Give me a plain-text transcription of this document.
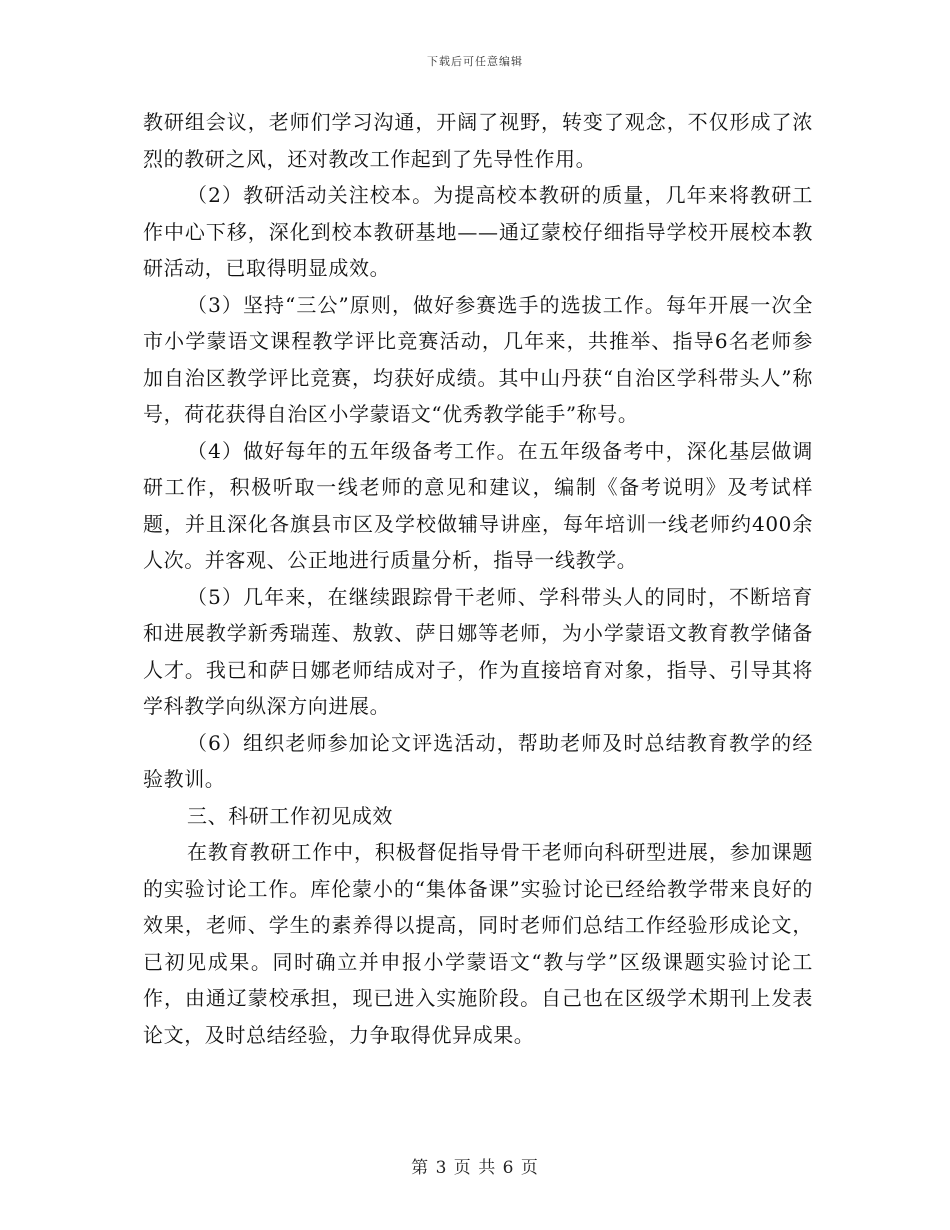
下载后可任意编辑

教研组会议，老师们学习沟通，开阔了视野，转变了观念，不仅形成了浓烈的教研之风，还对教改工作起到了先导性作用。

（2）教研活动关注校本。为提高校本教研的质量，几年来将教研工作中心下移，深化到校本教研基地——通辽蒙校仔细指导学校开展校本教研活动，已取得明显成效。

（3）坚持“三公”原则，做好参赛选手的选拔工作。每年开展一次全市小学蒙语文课程教学评比竞赛活动，几年来，共推举、指导6名老师参加自治区教学评比竞赛，均获好成绩。其中山丹获“自治区学科带头人”称号，荷花获得自治区小学蒙语文“优秀教学能手”称号。

（4）做好每年的五年级备考工作。在五年级备考中，深化基层做调研工作，积极听取一线老师的意见和建议，编制《备考说明》及考试样题，并且深化各旗县市区及学校做辅导讲座，每年培训一线老师约400余人次。并客观、公正地进行质量分析，指导一线教学。

（5）几年来，在继续跟踪骨干老师、学科带头人的同时，不断培育和进展教学新秀瑞莲、敖敦、萨日娜等老师，为小学蒙语文教育教学储备人才。我已和萨日娜老师结成对子，作为直接培育对象，指导、引导其将学科教学向纵深方向进展。

（6）组织老师参加论文评选活动，帮助老师及时总结教育教学的经验教训。

三、科研工作初见成效

在教育教研工作中，积极督促指导骨干老师向科研型进展，参加课题的实验讨论工作。库伦蒙小的“集体备课”实验讨论已经给教学带来良好的效果，老师、学生的素养得以提高，同时老师们总结工作经验形成论文，已初见成果。同时确立并申报小学蒙语文“教与学”区级课题实验讨论工作，由通辽蒙校承担，现已进入实施阶段。自己也在区级学术期刊上发表论文，及时总结经验，力争取得优异成果。

第 3 页 共 6 页
